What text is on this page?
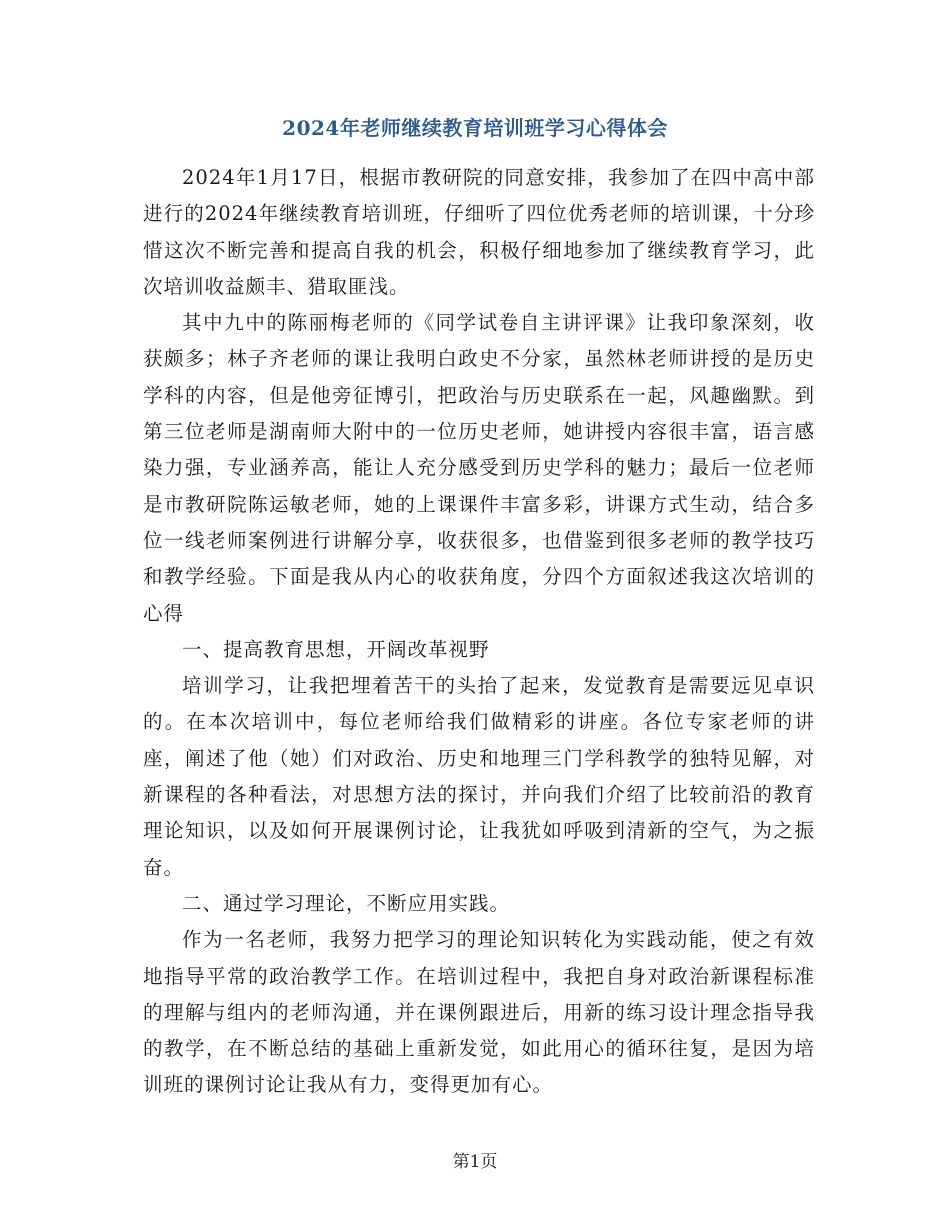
2024年老师继续教育培训班学习心得体会

2024年1月17日，根据市教研院的同意安排，我参加了在四中高中部进行的2024年继续教育培训班，仔细听了四位优秀老师的培训课，十分珍惜这次不断完善和提高自我的机会，积极仔细地参加了继续教育学习，此次培训收益颇丰、猎取匪浅。

其中九中的陈丽梅老师的《同学试卷自主讲评课》让我印象深刻，收获颇多；林子齐老师的课让我明白政史不分家，虽然林老师讲授的是历史学科的内容，但是他旁征博引，把政治与历史联系在一起，风趣幽默。到第三位老师是湖南师大附中的一位历史老师，她讲授内容很丰富，语言感染力强，专业涵养高，能让人充分感受到历史学科的魅力；最后一位老师是市教研院陈运敏老师，她的上课课件丰富多彩，讲课方式生动，结合多位一线老师案例进行讲解分享，收获很多，也借鉴到很多老师的教学技巧和教学经验。下面是我从内心的收获角度，分四个方面叙述我这次培训的心得

一、提高教育思想，开阔改革视野

培训学习，让我把埋着苦干的头抬了起来，发觉教育是需要远见卓识的。在本次培训中，每位老师给我们做精彩的讲座。各位专家老师的讲座，阐述了他（她）们对政治、历史和地理三门学科教学的独特见解，对新课程的各种看法，对思想方法的探讨，并向我们介绍了比较前沿的教育理论知识，以及如何开展课例讨论，让我犹如呼吸到清新的空气，为之振奋。

二、通过学习理论，不断应用实践。

作为一名老师，我努力把学习的理论知识转化为实践动能，使之有效地指导平常的政治教学工作。在培训过程中，我把自身对政治新课程标准的理解与组内的老师沟通，并在课例跟进后，用新的练习设计理念指导我的教学，在不断总结的基础上重新发觉，如此用心的循环往复，是因为培训班的课例讨论让我从有力，变得更加有心。

第1页
